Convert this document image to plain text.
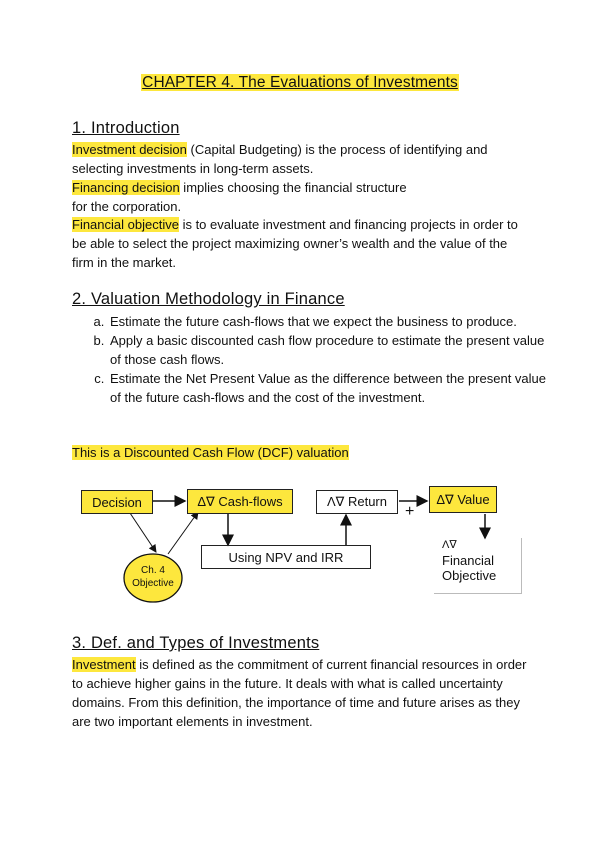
CHAPTER 4. The Evaluations of Investments
1. Introduction

Investment decision (Capital Budgeting) is the process of identifying and selecting investments in long-term assets.

Financing decision implies choosing the financial structure
for the corporation.

Financial objective is to evaluate investment and financing projects in order to be able to select the project maximizing owner’s wealth and the value of the firm in the market.

2. Valuation Methodology in Finance
a. Estimate the future cash-flows that we expect the business to produce.
b. Apply a basic discounted cash flow procedure to estimate the present value of those cash flows.
c. Estimate the Net Present Value as the difference between the present value of the future cash-flows and the cost of the investment.

This is a Discounted Cash Flow (DCF) valuation

Decision	Δ∇ Cash-flows	Λ∇ Return
+
Δ∇ Value
Using NPV and IRR
Ch. 4
Objective
Λ∇
Financial
Objective
3. Def. and Types of Investments

Investment is defined as the commitment of current financial resources in order to achieve higher gains in the future. It deals with what is called uncertainty domains. From this definition, the importance of time and future arises as they are two important elements in investment.
